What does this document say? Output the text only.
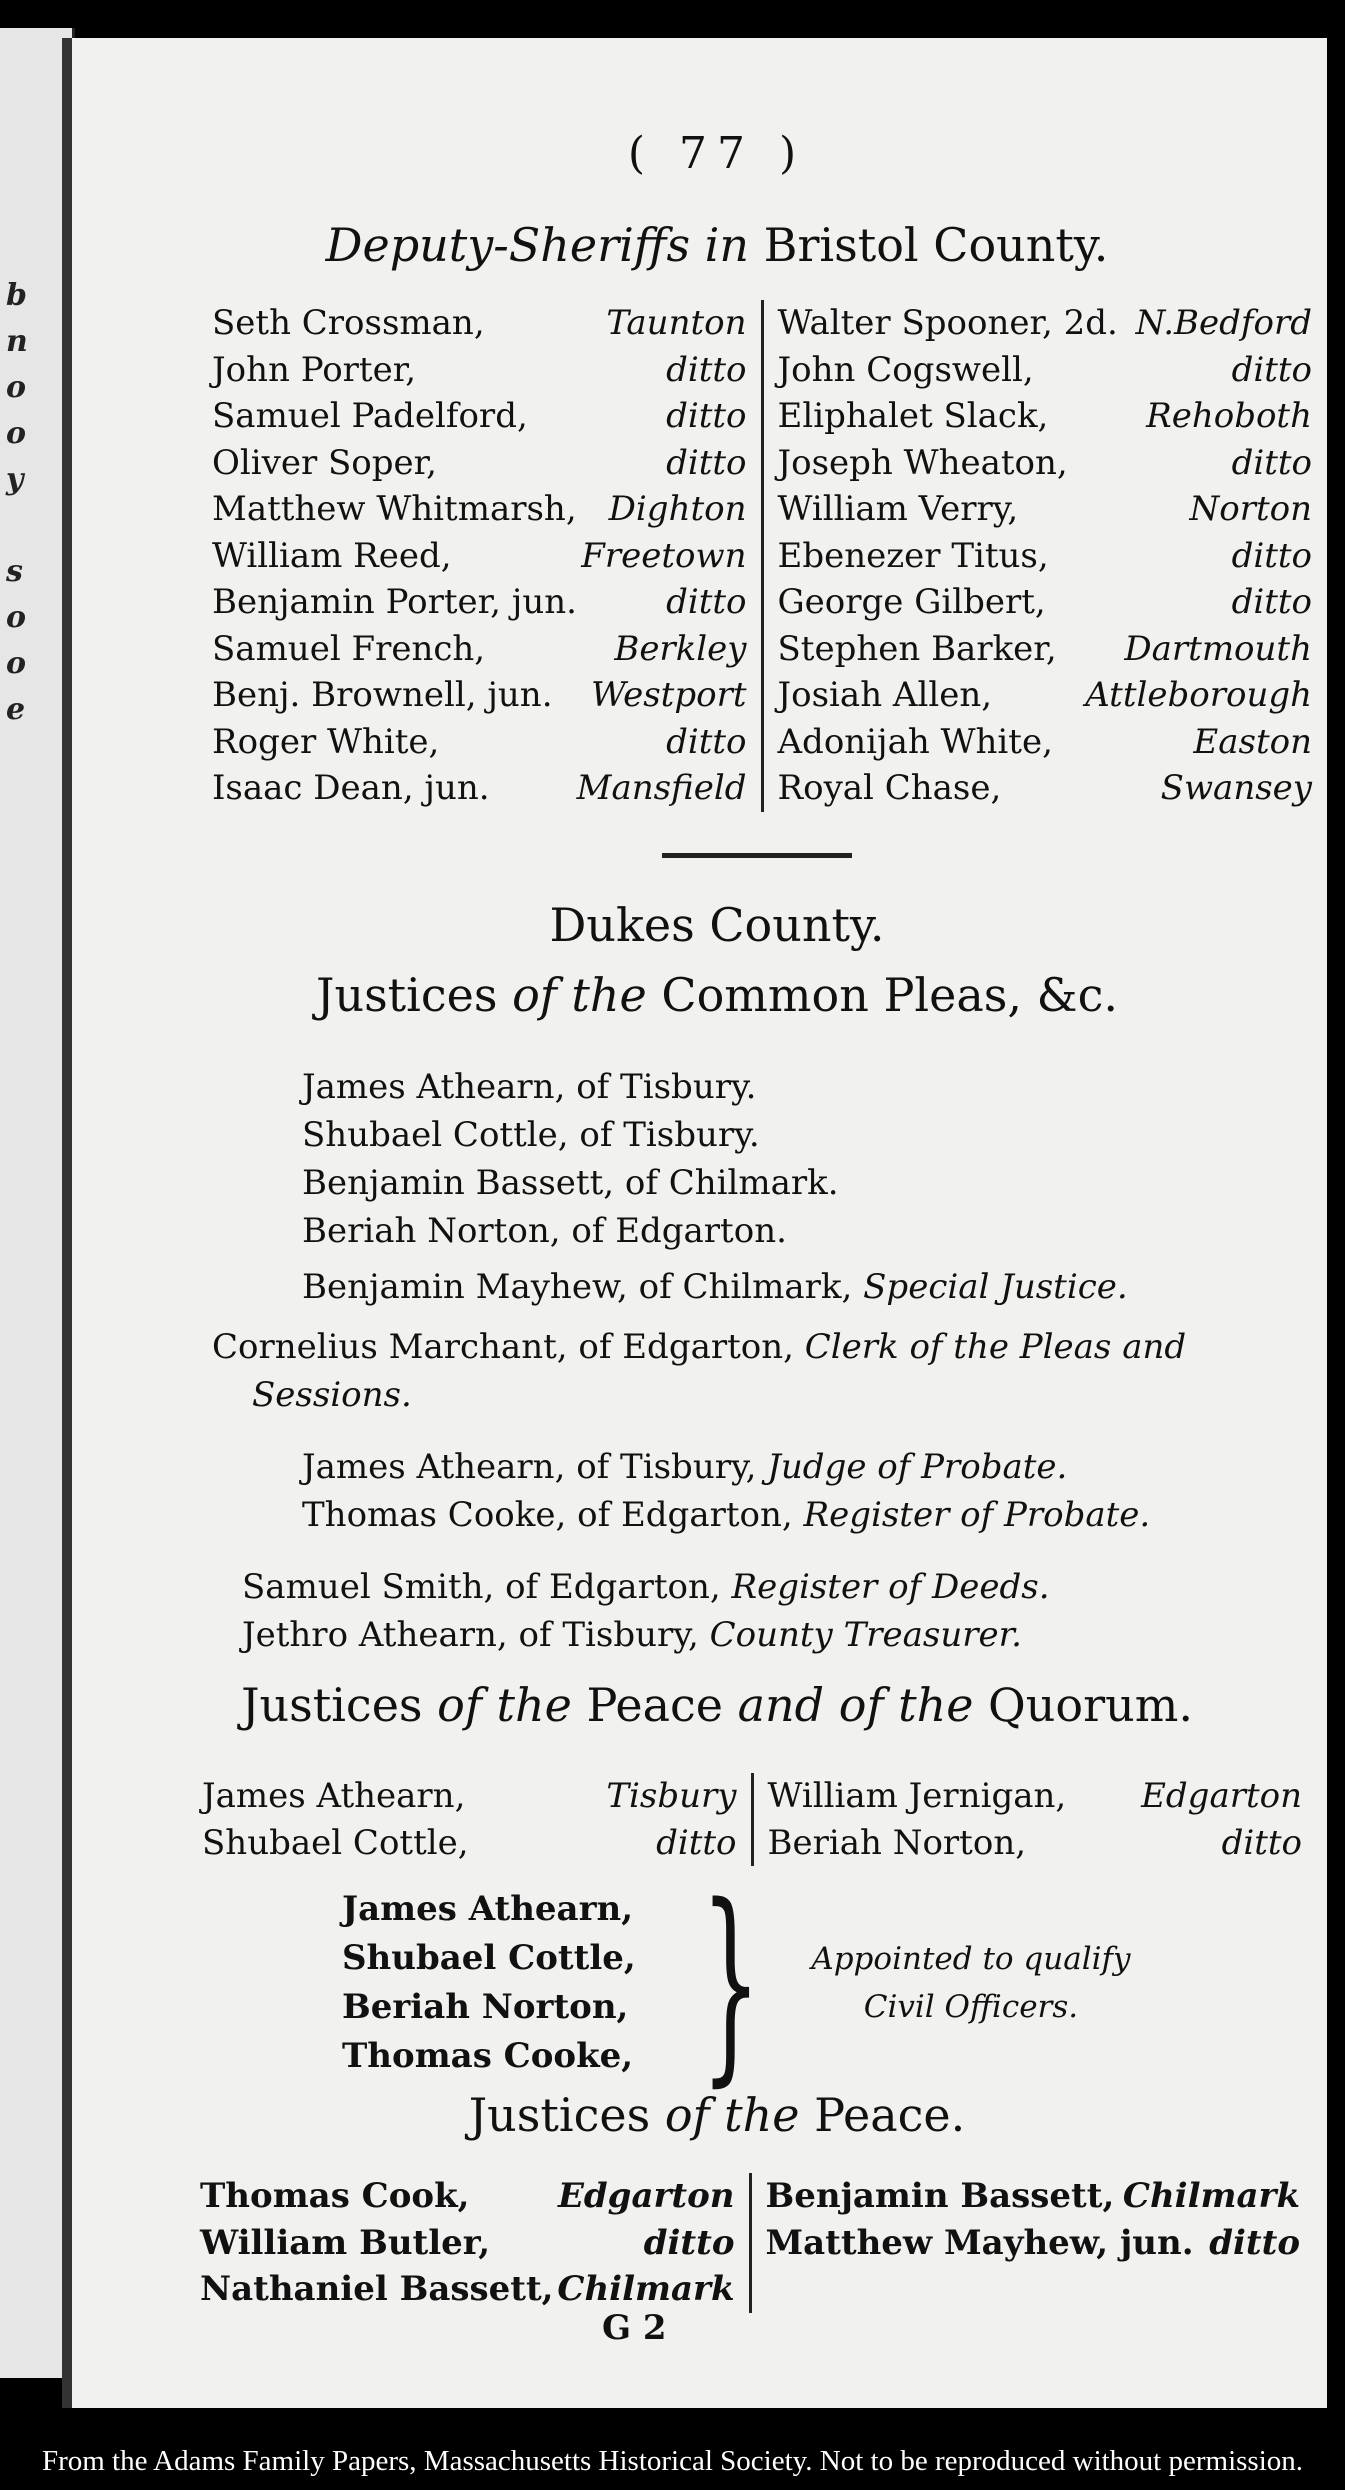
b
n
o
o
y

s
o
o
e
( 77 )
Deputy-Sheriffs in Bristol County.
Seth Crossman,	Taunton
John Porter,	ditto
Samuel Padelford,	ditto
Oliver Soper,	ditto
Matthew Whitmarsh, Dighton
William Reed,	Freetown
Benjamin Porter, jun.	ditto
Samuel French,	Berkley
Benj. Brownell, jun. Westport
Roger White,	ditto
Isaac Dean, jun.	Mansfield
Walter Spooner, 2d. N.Bedford
John Cogswell,	ditto
Eliphalet Slack,	Rehoboth
Joseph Wheaton,	ditto
William Verry,	Norton
Ebenezer Titus,	ditto
George Gilbert,	ditto
Stephen Barker, Dartmouth
Josiah Allen,	Attleborough
Adonijah White,	Easton
Royal Chase,	Swansey
Dukes County.
Justices of the Common Pleas, &c.
James Athearn, of Tisbury.
Shubael Cottle, of Tisbury.
Benjamin Bassett, of Chilmark.
Beriah Norton, of Edgarton.
Benjamin Mayhew, of Chilmark, Special Justice.
Cornelius Marchant, of Edgarton, Clerk of the Pleas and
Sessions.
James Athearn, of Tisbury, Judge of Probate.
Thomas Cooke, of Edgarton, Register of Probate.
Samuel Smith, of Edgarton, Register of Deeds.
Jethro Athearn, of Tisbury, County Treasurer.
Justices of the Peace and of the Quorum.
James Athearn,	Tisbury
Shubael Cottle,	ditto
William Jernigan, Edgarton
Beriah Norton,	ditto
James Athearn,
Shubael Cottle,
Beriah Norton,
Thomas Cooke, } Appointed to qualify
Civil Officers.
Justices of the Peace.
Thomas Cook,	Edgarton
William Butler,	ditto
Nathaniel Bassett, Chilmark
Benjamin Bassett, Chilmark
Matthew Mayhew, jun. ditto
G 2
From the Adams Family Papers, Massachusetts Historical Society. Not to be reproduced without permission.
